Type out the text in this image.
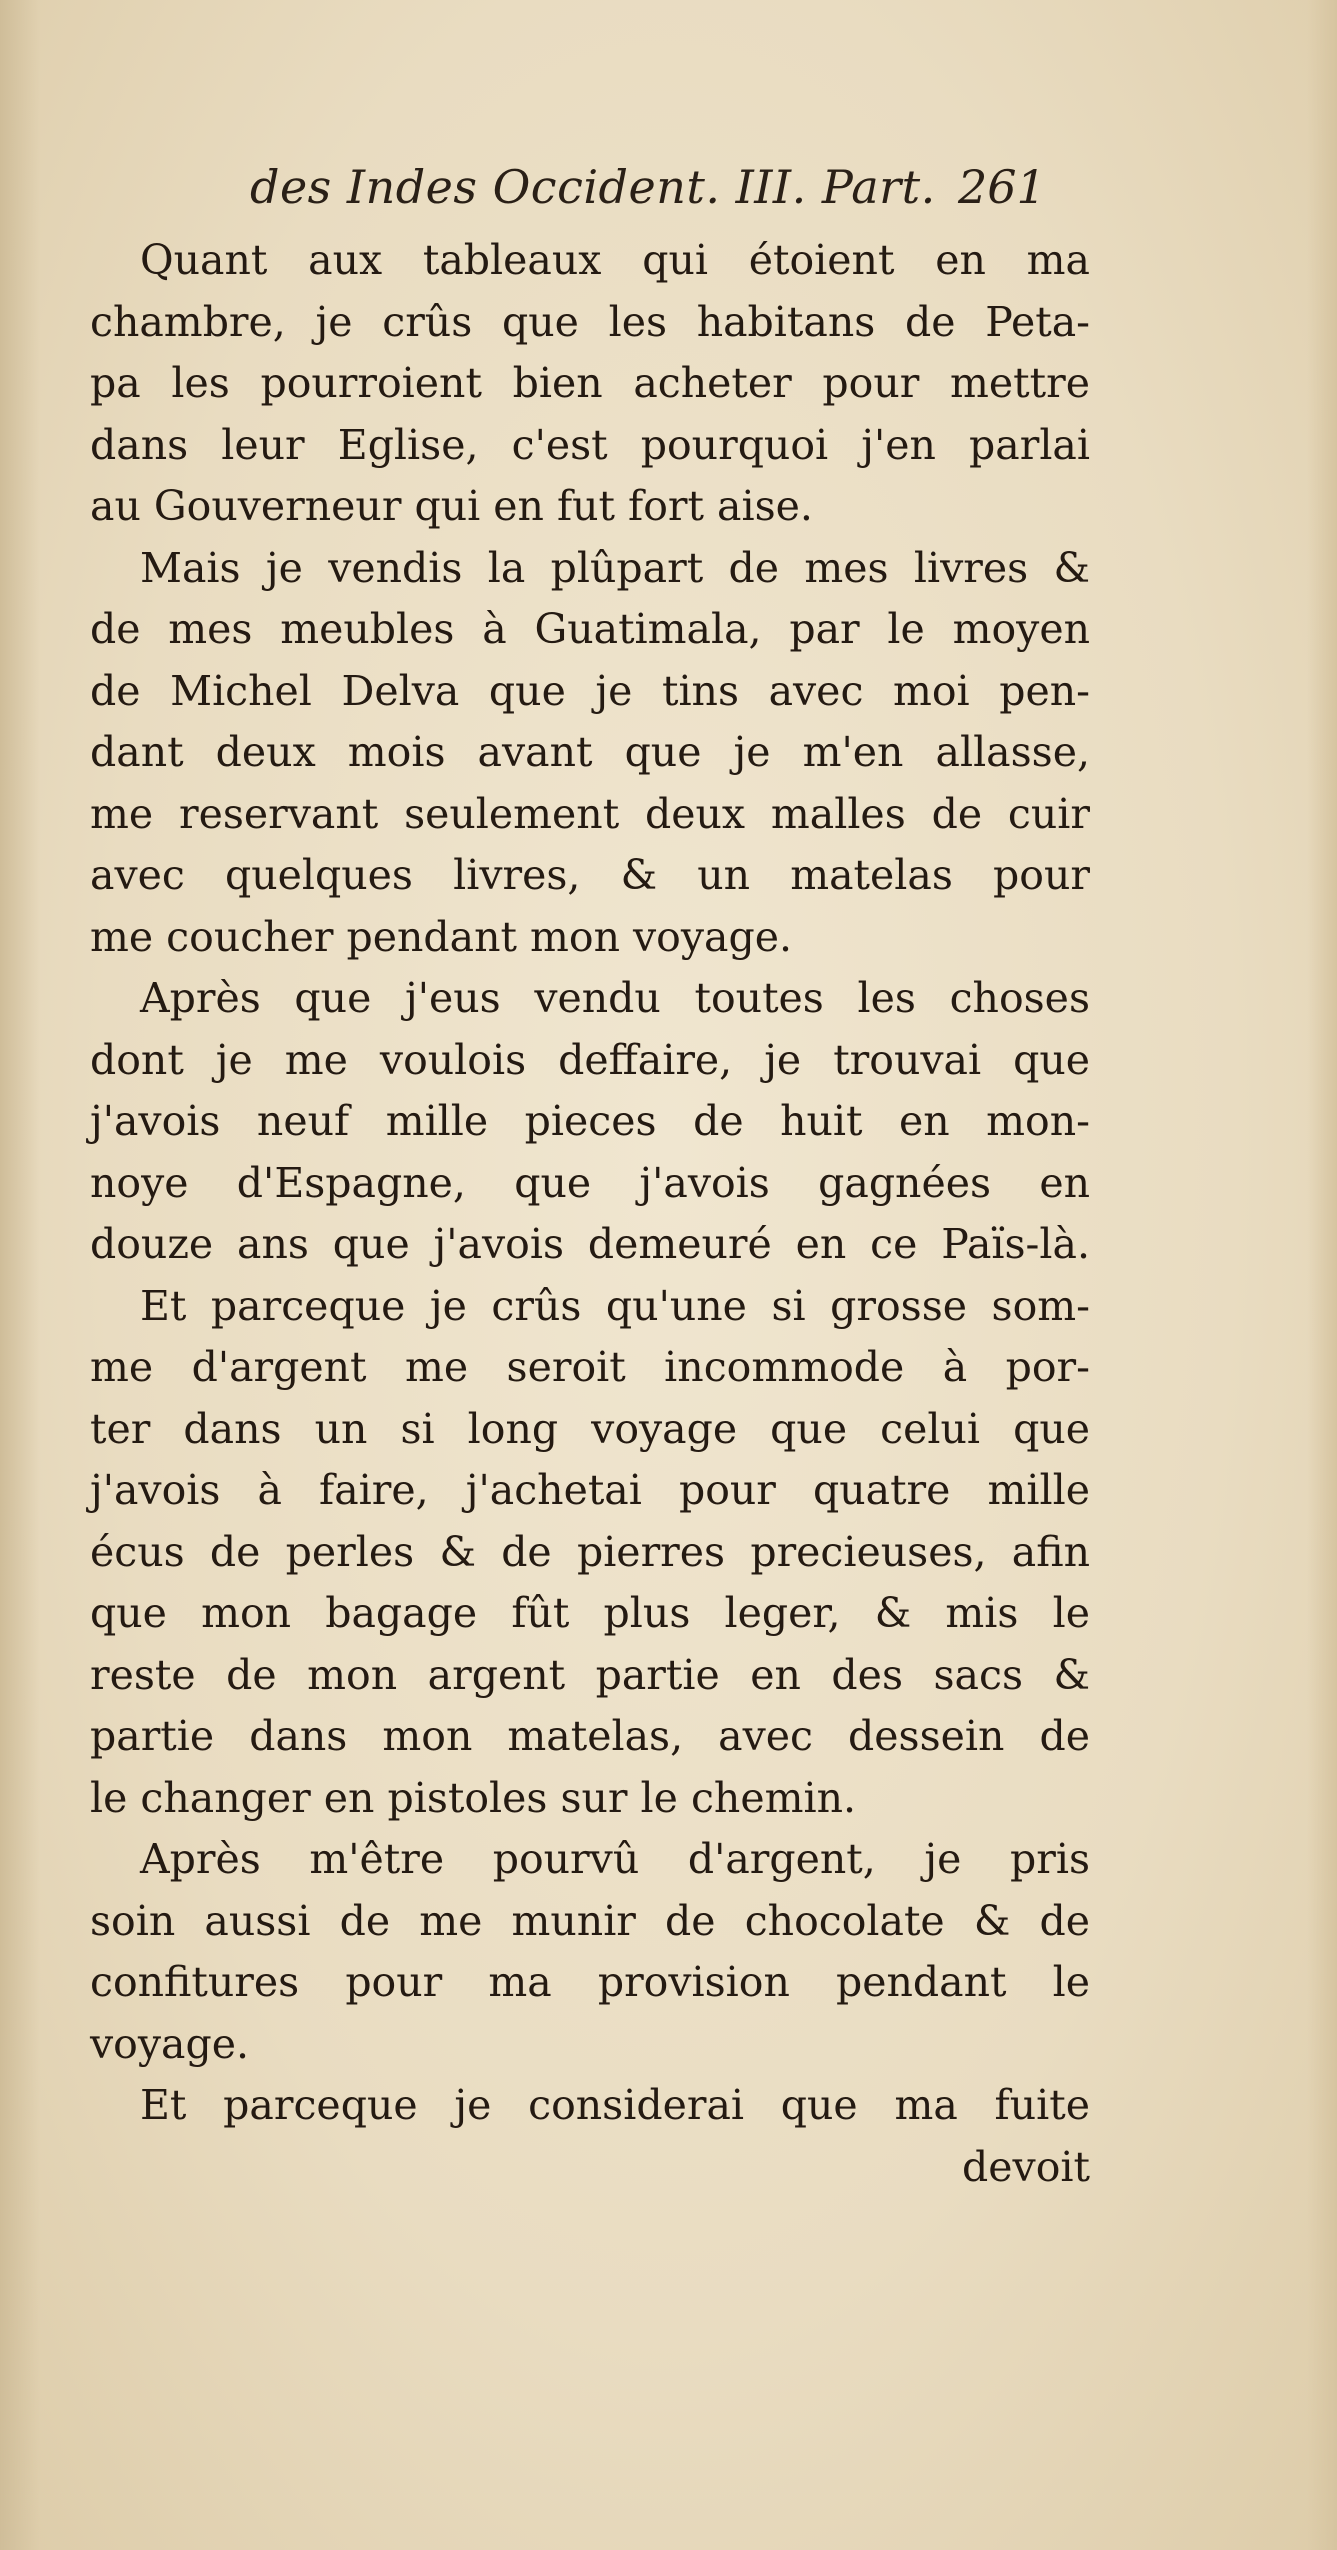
des Indes Occident. III. Part. 261
Quant aux tableaux qui étoient en ma
chambre, je crûs que les habitans de Peta-
pa les pourroient bien acheter pour mettre
dans leur Eglise, c'est pourquoi j'en parlai
au Gouverneur qui en fut fort aise.
Mais je vendis la plûpart de mes livres &
de mes meubles à Guatimala, par le moyen
de Michel Delva que je tins avec moi pen-
dant deux mois avant que je m'en allasse,
me reservant seulement deux malles de cuir
avec quelques livres, & un matelas pour
me coucher pendant mon voyage.
Après que j'eus vendu toutes les choses
dont je me voulois deffaire, je trouvai que
j'avois neuf mille pieces de huit en mon-
noye d'Espagne, que j'avois gagnées en
douze ans que j'avois demeuré en ce Païs-là.
Et parceque je crûs qu'une si grosse som-
me d'argent me seroit incommode à por-
ter dans un si long voyage que celui que
j'avois à faire, j'achetai pour quatre mille
écus de perles & de pierres precieuses, afin
que mon bagage fût plus leger, & mis le
reste de mon argent partie en des sacs &
partie dans mon matelas, avec dessein de
le changer en pistoles sur le chemin.
Après m'être pourvû d'argent, je pris
soin aussi de me munir de chocolate & de
confitures pour ma provision pendant le
voyage.
Et parceque je considerai que ma fuite
devoit
